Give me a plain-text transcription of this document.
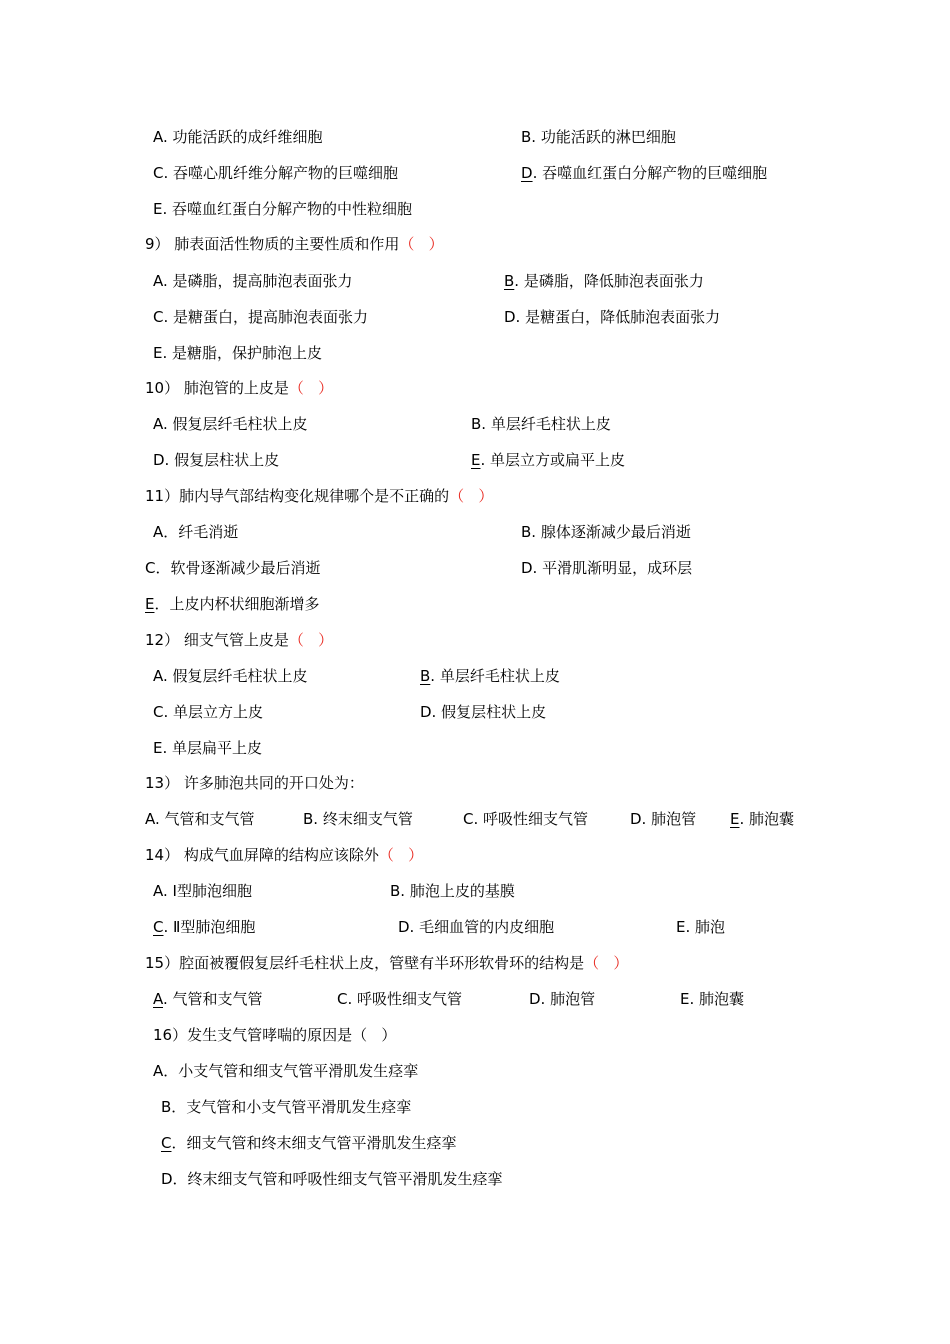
A. 功能活跃的成纤维细胞	B. 功能活跃的淋巴细胞
C. 吞噬心肌纤维分解产物的巨噬细胞	D. 吞噬血红蛋白分解产物的巨噬细胞
E. 吞噬血红蛋白分解产物的中性粒细胞
9） 肺表面活性物质的主要性质和作用（   ）
A. 是磷脂，提高肺泡表面张力	B. 是磷脂，降低肺泡表面张力
C. 是糖蛋白，提高肺泡表面张力	D. 是糖蛋白，降低肺泡表面张力
E. 是糖脂，保护肺泡上皮
10） 肺泡管的上皮是（   ）
A. 假复层纤毛柱状上皮	B. 单层纤毛柱状上皮
D. 假复层柱状上皮	E. 单层立方或扁平上皮
11）肺内导气部结构变化规律哪个是不正确的（   ）
A．纤毛消逝	B. 腺体逐渐减少最后消逝
C．软骨逐渐减少最后消逝	D. 平滑肌渐明显，成环层
E．上皮内杯状细胞渐增多
12） 细支气管上皮是（   ）
A. 假复层纤毛柱状上皮	B. 单层纤毛柱状上皮
C. 单层立方上皮	D. 假复层柱状上皮
E. 单层扁平上皮
13） 许多肺泡共同的开口处为：
A. 气管和支气管	B. 终末细支气管	C. 呼吸性细支气管	D. 肺泡管 E. 肺泡囊
14） 构成气血屏障的结构应该除外（   ）
A. Ⅰ型肺泡细胞	B. 肺泡上皮的基膜
C. Ⅱ型肺泡细胞	D. 毛细血管的内皮细胞	E. 肺泡
15）腔面被覆假复层纤毛柱状上皮，管壁有半环形软骨环的结构是（   ）
A. 气管和支气管	C. 呼吸性细支气管	D. 肺泡管	E. 肺泡囊
16）发生支气管哮喘的原因是（   ）
A．小支气管和细支气管平滑肌发生痉挛
B．支气管和小支气管平滑肌发生痉挛
C．细支气管和终末细支气管平滑肌发生痉挛
D．终末细支气管和呼吸性细支气管平滑肌发生痉挛
